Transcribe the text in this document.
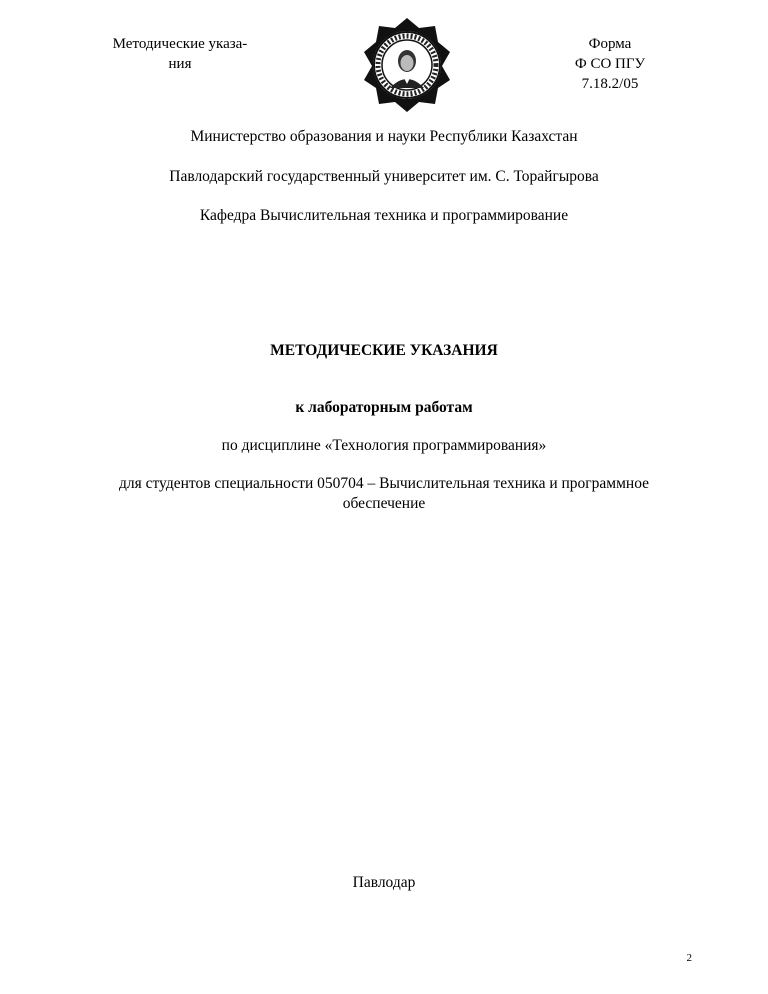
Методические указа-
ния
Форма
Ф СО ПГУ
7.18.2/05
Министерство образования и науки Республики Казахстан
Павлодарский государственный университет им. С. Торайгырова
Кафедра Вычислительная техника и программирование
МЕТОДИЧЕСКИЕ УКАЗАНИЯ
к лабораторным работам
по дисциплине «Технология программирования»
для студентов специальности 050704 – Вычислительная техника и программное
обеспечение
Павлодар
2
